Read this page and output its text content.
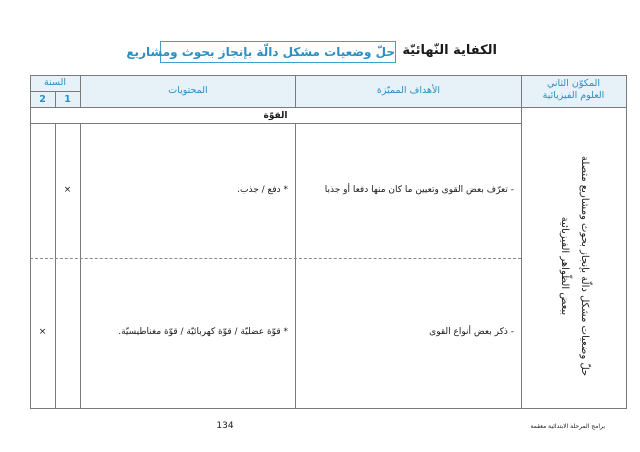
الكفاية النّهائيّة
حلّ وضعيات مشكل دالّة بإنجاز بحوث ومشاريع
المكوّن الثاني
العلوم الفيزيائية
الأهداف المميّزة
المحتويات
السنة
1
2
القوّة
حلّ وضعيات مشكل دالّة بإنجاز بحوث ومشاريع متصلة ببعض الظّواهر الفيزيائية
- تعرّف بعض القوى وتعيين ما كان منها دفعا أو جذبا
* دفع / جذب.
×
- ذكر بعض أنواع القوى
* قوّة عضليّة / قوّة كهربائيّة / قوّة مغناطيسيّة.
×
134	برامج المرحلة الابتدائية معقمة
